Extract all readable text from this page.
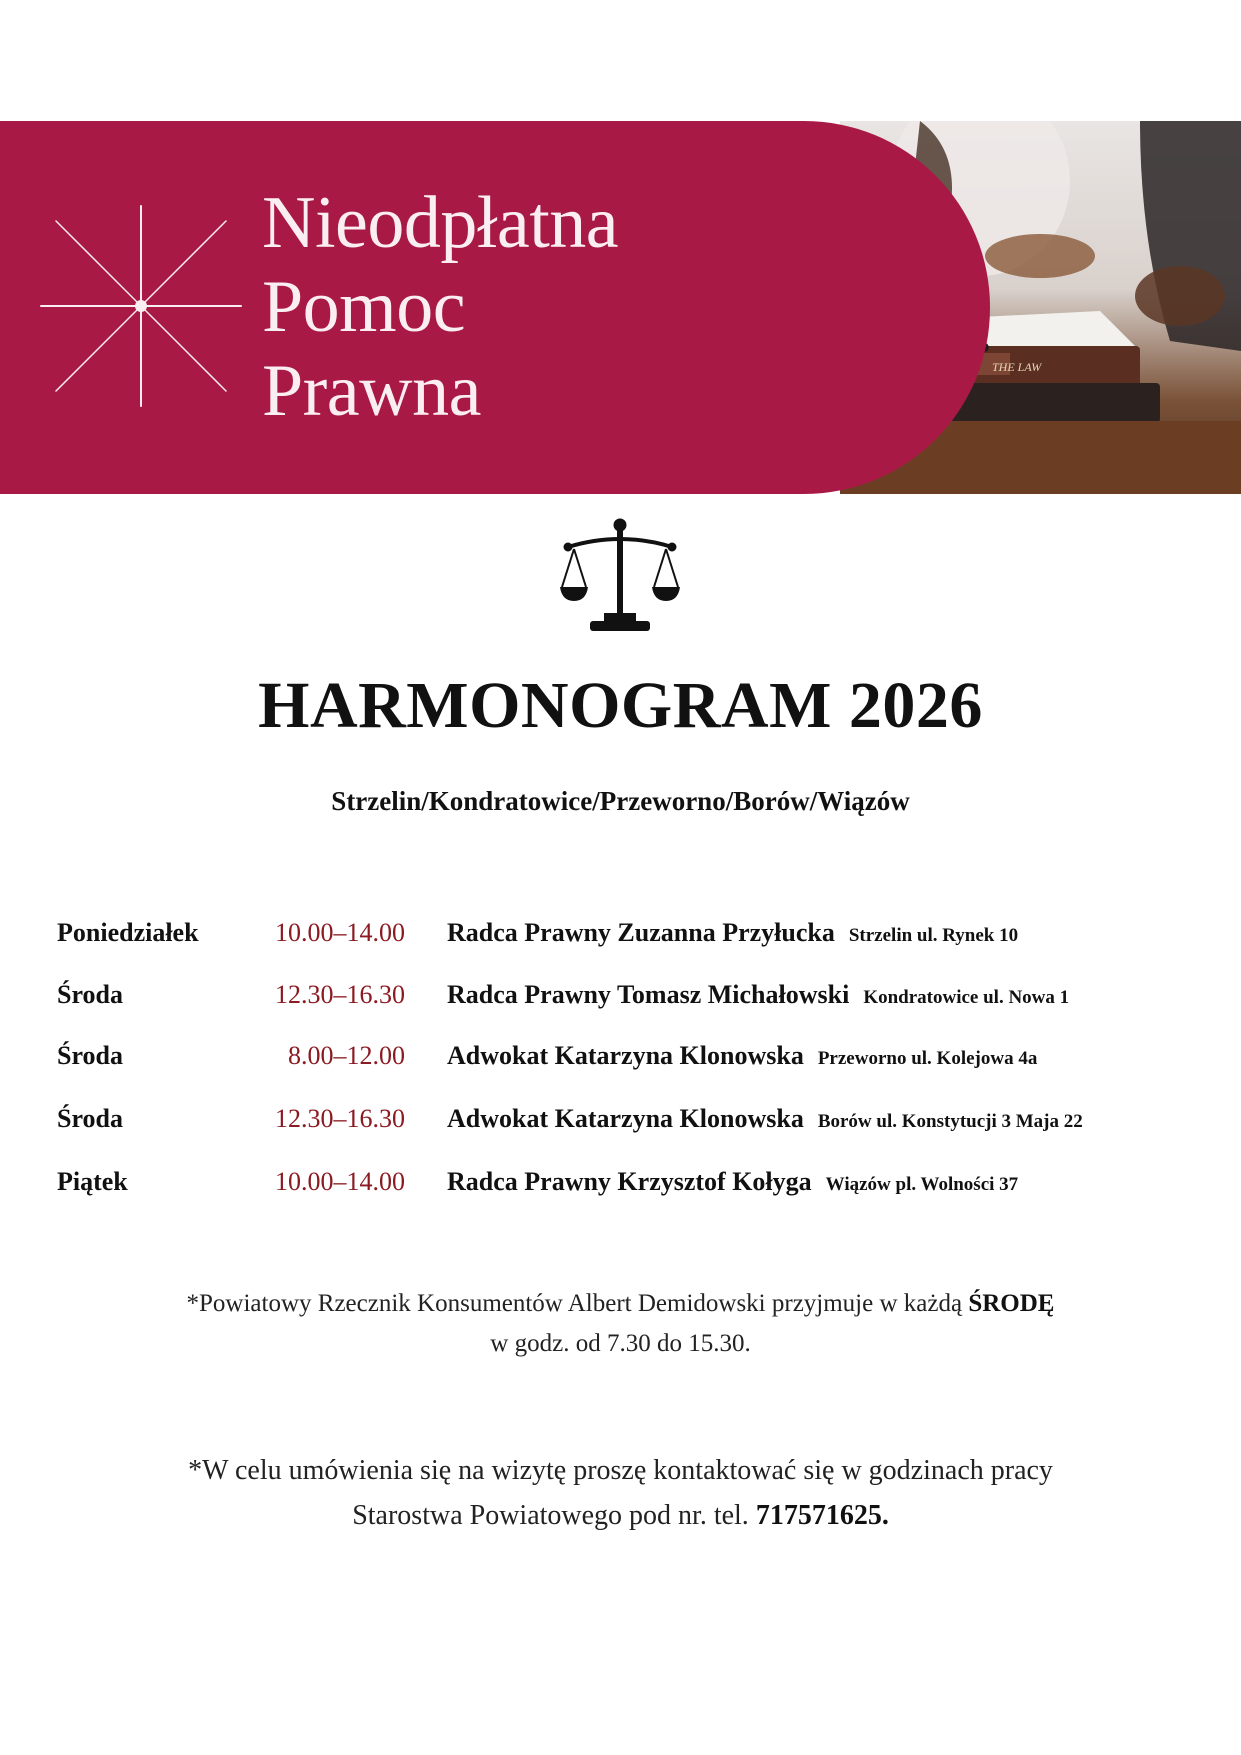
THE LAW
Nieodpłatna
Pomoc
Prawna
HARMONOGRAM 2026
Strzelin/Kondratowice/Przeworno/Borów/Wiązów
Poniedziałek	10.00–14.00 Radca Prawny Zuzanna Przyłucka Strzelin ul. Rynek 10
Środa	12.30–16.30 Radca Prawny Tomasz Michałowski Kondratowice ul. Nowa 1
Środa	8.00–12.00 Adwokat Katarzyna Klonowska Przeworno ul. Kolejowa 4a
Środa	12.30–16.30 Adwokat Katarzyna Klonowska Borów ul. Konstytucji 3 Maja 22
Piątek	10.00–14.00 Radca Prawny Krzysztof Kołyga Wiązów pl. Wolności 37
*Powiatowy Rzecznik Konsumentów Albert Demidowski przyjmuje w każdą ŚRODĘ
w godz. od 7.30 do 15.30.
*W celu umówienia się na wizytę proszę kontaktować się w godzinach pracy
Starostwa Powiatowego pod nr. tel. 717571625.
